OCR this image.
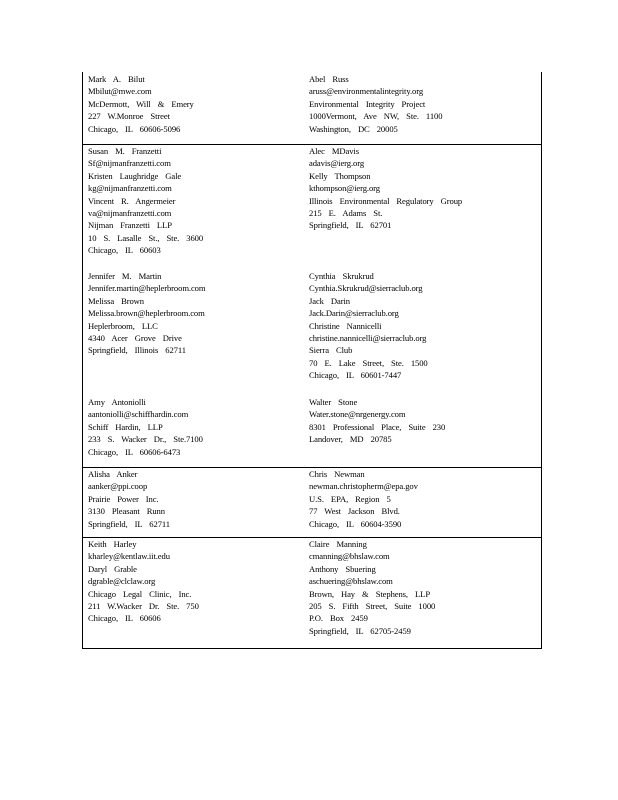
Mark A. Bilut
Mbilut@mwe.com
McDermott, Will & Emery
227 W.Monroe Street
Chicago, IL 60606-5096
Abel Russ
aruss@environmentalintegrity.org
Environmental Integrity Project
1000Vermont, Ave NW, Ste. 1100
Washington, DC 20005
Susan M. Franzetti
Sf@nijmanfranzetti.com
Kristen Laughridge Gale
kg@nijmanfranzetti.com
Vincent R. Angermeier
va@nijmanfranzetti.com
Nijman Franzetti LLP
10 S. Lasalle St., Ste. 3600
Chicago, IL 60603
Jennifer M. Martin
Jennifer.martin@heplerbroom.com
Melissa Brown
Melissa.brown@heplerbroom.com
Heplerbroom, LLC
4340 Acer Grove Drive
Springfield, Illinois 62711
Amy Antoniolli
aantoniolli@schiffhardin.com
Schiff Hardin, LLP
233 S. Wacker Dr., Ste.7100
Chicago, IL 60606-6473
Alec MDavis
adavis@ierg.org
Kelly Thompson
kthompson@ierg.org
Illinois Environmental Regulatory Group
215 E. Adams St.
Springfield, IL 62701
Cynthia Skrukrud
Cynthia.Skrukrud@sierraclub.org
Jack Darin
Jack.Darin@sierraclub.org
Christine Nannicelli
christine.nannicelli@sierraclub.org
Sierra Club
70 E. Lake Street, Ste. 1500
Chicago, IL 60601-7447
Walter Stone
Water.stone@nrgenergy.com
8301 Professional Place, Suite 230
Landover, MD 20785
Alisha Anker
aanker@ppi.coop
Prairie Power Inc.
3130 Pleasant Runn
Springfield, IL 62711
Chris Newman
newman.christopherm@epa.gov
U.S. EPA, Region 5
77 West Jackson Blvd.
Chicago, IL 60604-3590
Keith Harley
kharley@kentlaw.iit.edu
Daryl Grable
dgrable@clclaw.org
Chicago Legal Clinic, Inc.
211 W.Wacker Dr. Ste. 750
Chicago, IL 60606
Claire Manning
cmanning@bhslaw.com
Anthony Sbuering
aschuering@bhslaw.com
Brown, Hay & Stephens, LLP
205 S. Fifth Street, Suite 1000
P.O. Box 2459
Springfield, IL 62705-2459
